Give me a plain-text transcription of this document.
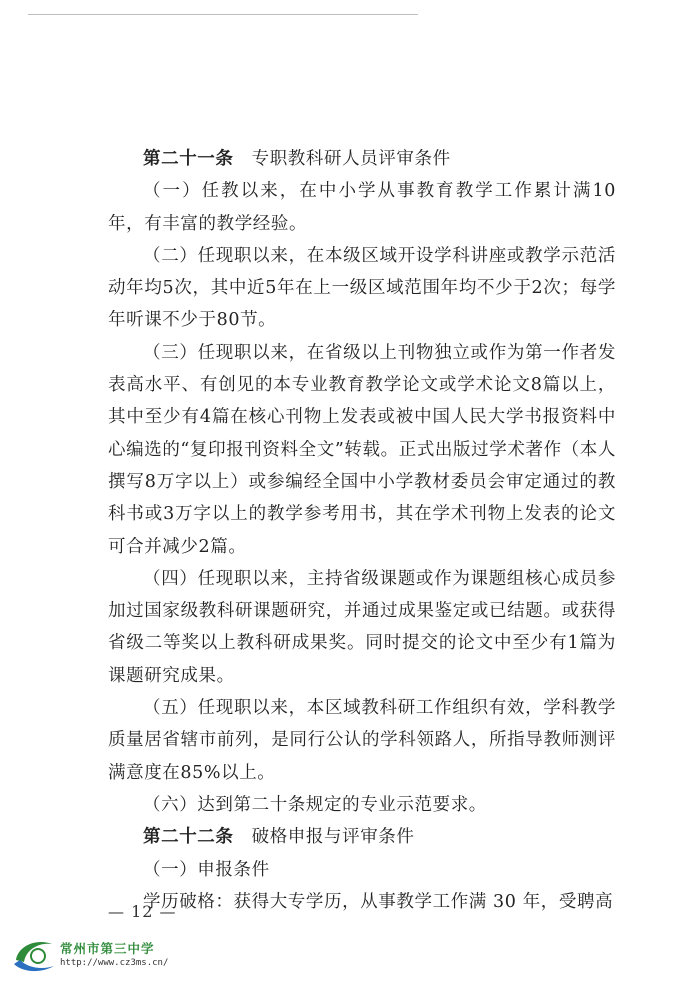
第二十一条　专职教科研人员评审条件

（一）任教以来，在中小学从事教育教学工作累计满10年，有丰富的教学经验。

（二）任现职以来，在本级区域开设学科讲座或教学示范活动年均5次，其中近5年在上一级区域范围年均不少于2次；每学年听课不少于80节。

（三）任现职以来，在省级以上刊物独立或作为第一作者发表高水平、有创见的本专业教育教学论文或学术论文8篇以上，其中至少有4篇在核心刊物上发表或被中国人民大学书报资料中心编选的“复印报刊资料全文”转载。正式出版过学术著作（本人撰写8万字以上）或参编经全国中小学教材委员会审定通过的教科书或3万字以上的教学参考用书，其在学术刊物上发表的论文可合并减少2篇。

（四）任现职以来，主持省级课题或作为课题组核心成员参加过国家级教科研课题研究，并通过成果鉴定或已结题。或获得省级二等奖以上教科研成果奖。同时提交的论文中至少有1篇为课题研究成果。

（五）任现职以来，本区域教科研工作组织有效，学科教学质量居省辖市前列，是同行公认的学科领路人，所指导教师测评满意度在85%以上。

（六）达到第二十条规定的专业示范要求。

第二十二条　破格申报与评审条件

（一）申报条件

学历破格：获得大专学历，从事教学工作满 30 年，受聘高

— 12 —
常州市第三中学
http://www.cz3ms.cn/
